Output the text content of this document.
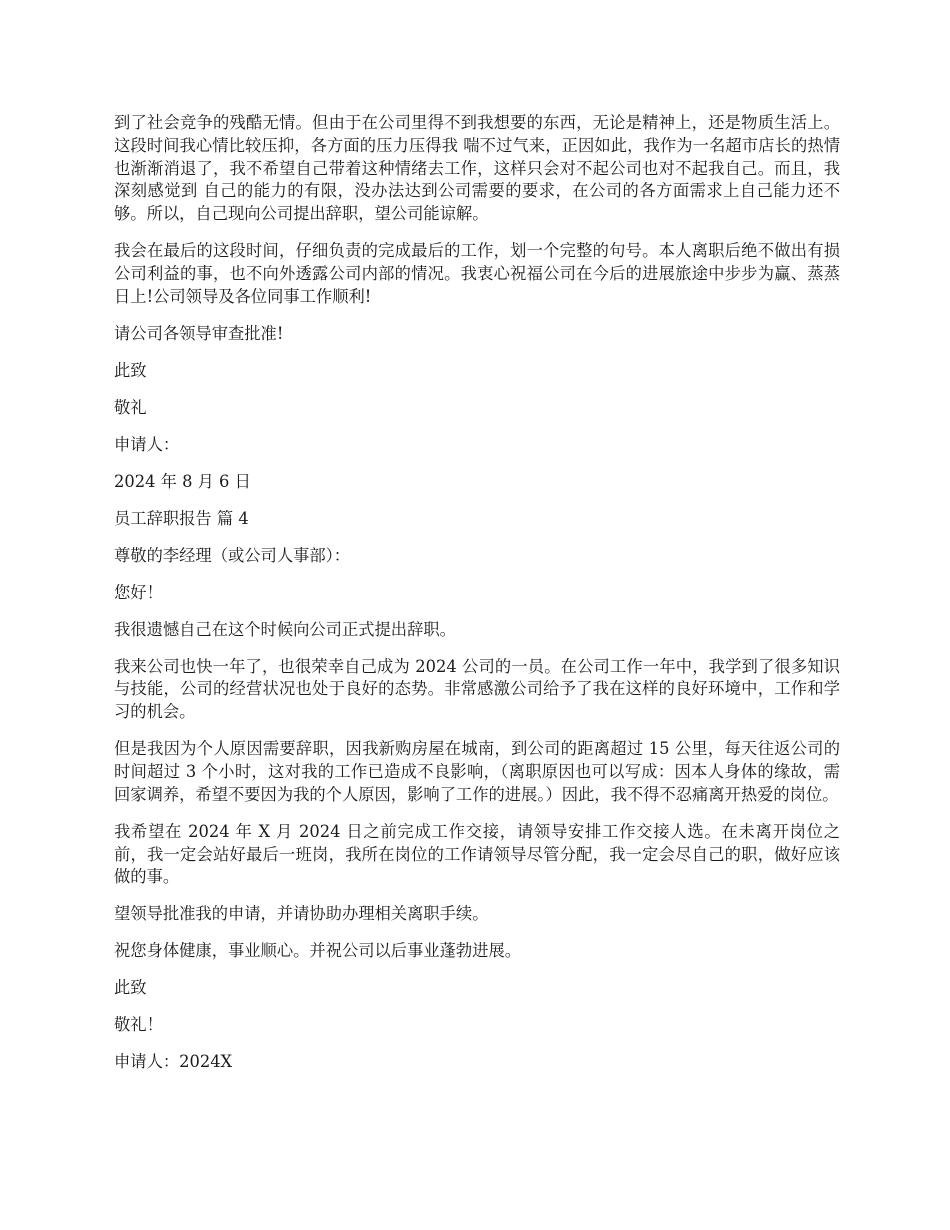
到了社会竞争的残酷无情。但由于在公司里得不到我想要的东西，无论是精神上，还是物质生活上。这段时间我心情比较压抑，各方面的压力压得我 喘不过气来，正因如此，我作为一名超市店长的热情也渐渐消退了，我不希望自己带着这种情绪去工作，这样只会对不起公司也对不起我自己。而且，我深刻感觉到 自己的能力的有限，没办法达到公司需要的要求，在公司的各方面需求上自己能力还不够。所以，自己现向公司提出辞职，望公司能谅解。

我会在最后的这段时间，仔细负责的完成最后的工作，划一个完整的句号。本人离职后绝不做出有损公司利益的事，也不向外透露公司内部的情况。我衷心祝福公司在今后的进展旅途中步步为赢、蒸蒸日上!公司领导及各位同事工作顺利!

请公司各领导审查批准!

此致

敬礼

申请人：

2024 年 8 月 6 日

员工辞职报告 篇 4

尊敬的李经理（或公司人事部）：

您好！

我很遗憾自己在这个时候向公司正式提出辞职。

我来公司也快一年了，也很荣幸自己成为 2024 公司的一员。在公司工作一年中，我学到了很多知识与技能，公司的经营状况也处于良好的态势。非常感激公司给予了我在这样的良好环境中，工作和学习的机会。

但是我因为个人原因需要辞职，因我新购房屋在城南，到公司的距离超过 15 公里，每天往返公司的时间超过 3 个小时，这对我的工作已造成不良影响，（离职原因也可以写成：因本人身体的缘故，需回家调养，希望不要因为我的个人原因，影响了工作的进展。）因此，我不得不忍痛离开热爱的岗位。

我希望在 2024 年 X 月 2024 日之前完成工作交接，请领导安排工作交接人选。在未离开岗位之前，我一定会站好最后一班岗，我所在岗位的工作请领导尽管分配，我一定会尽自己的职，做好应该做的事。

望领导批准我的申请，并请协助办理相关离职手续。

祝您身体健康，事业顺心。并祝公司以后事业蓬勃进展。

此致

敬礼！

申请人：2024X
